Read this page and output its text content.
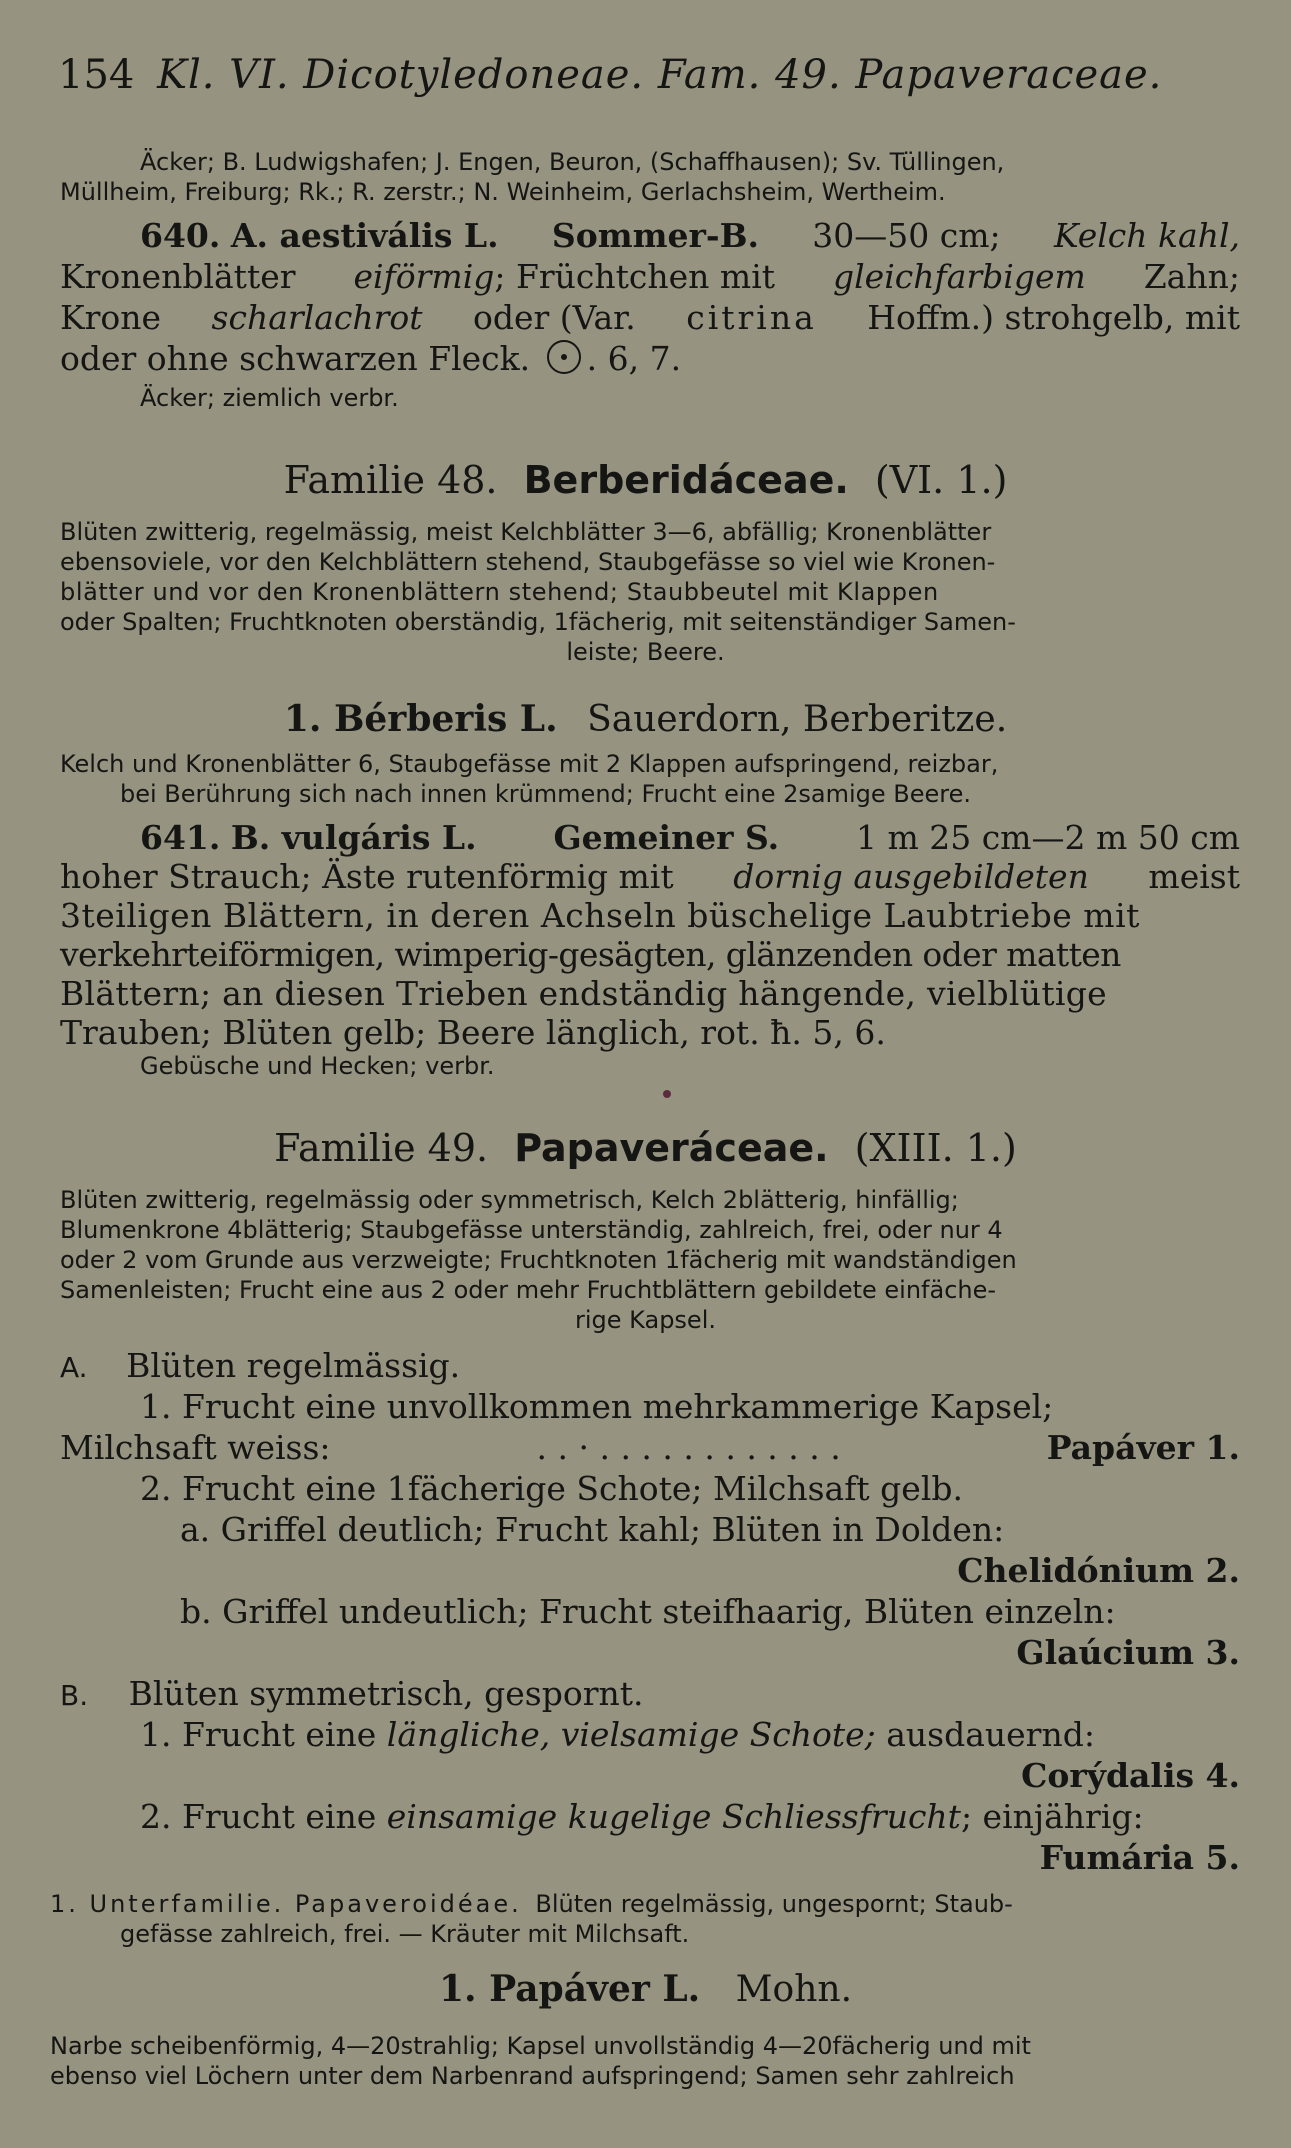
154 Kl. VI. Dicotyledoneae. Fam. 49. Papaveraceae.
Äcker; B. Ludwigshafen; J. Engen, Beuron, (Schaffhausen); Sv. Tüllingen,
Müllheim, Freiburg; Rk.; R. zerstr.; N. Weinheim, Gerlachsheim, Wertheim.
640. A. aestivális L. Sommer-B. 30—50 cm; Kelch kahl,
Kronenblätter eiförmig; Früchtchen mit gleichfarbigem Zahn;
Krone scharlachrot oder (Var. citrina Hoffm.) strohgelb, mit
oder ohne schwarzen Fleck. . 6, 7.
Äcker; ziemlich verbr.
Familie 48. Berberidáceae. (VI. 1.)
Blüten zwitterig, regelmässig, meist Kelchblätter 3—6, abfällig; Kronenblätter
ebensoviele, vor den Kelchblättern stehend, Staubgefässe so viel wie Kronen-
blätter und vor den Kronenblättern stehend; Staubbeutel mit Klappen
oder Spalten; Fruchtknoten oberständig, 1fächerig, mit seitenständiger Samen-
leiste; Beere.
1. Bérberis L. Sauerdorn, Berberitze.
Kelch und Kronenblätter 6, Staubgefässe mit 2 Klappen aufspringend, reizbar,
bei Berührung sich nach innen krümmend; Frucht eine 2samige Beere.
641. B. vulgáris L. Gemeiner S. 1 m 25 cm—2 m 50 cm
hoher Strauch; Äste rutenförmig mit dornig ausgebildeten meist
3teiligen Blättern, in deren Achseln büschelige Laubtriebe mit
verkehrteiförmigen, wimperig-gesägten, glänzenden oder matten
Blättern; an diesen Trieben endständig hängende, vielblütige
Trauben; Blüten gelb; Beere länglich, rot. ħ. 5, 6.
Gebüsche und Hecken; verbr.
Familie 49. Papaveráceae. (XIII. 1.)
Blüten zwitterig, regelmässig oder symmetrisch, Kelch 2blätterig, hinfällig;
Blumenkrone 4blätterig; Staubgefässe unterständig, zahlreich, frei, oder nur 4
oder 2 vom Grunde aus verzweigte; Fruchtknoten 1fächerig mit wandständigen
Samenleisten; Frucht eine aus 2 oder mehr Fruchtblättern gebildete einfäche-
rige Kapsel.
A. Blüten regelmässig.
1. Frucht eine unvollkommen mehrkammerige Kapsel;
Milchsaft weiss:	. . · . . . . . . . . . . . .	Papáver 1.
2. Frucht eine 1fächerige Schote; Milchsaft gelb.
a. Griffel deutlich; Frucht kahl; Blüten in Dolden:
Chelidónium 2.
b. Griffel undeutlich; Frucht steifhaarig, Blüten einzeln:
Glaúcium 3.
B. Blüten symmetrisch, gespornt.
1. Frucht eine längliche, vielsamige Schote; ausdauernd:
Corýdalis 4.
2. Frucht eine einsamige kugelige Schliessfrucht; einjährig:
Fumária 5.
1. Unterfamilie. Papaveroidéae. Blüten regelmässig, ungespornt; Staub-
gefässe zahlreich, frei. — Kräuter mit Milchsaft.
1. Papáver L. Mohn.
Narbe scheibenförmig, 4—20strahlig; Kapsel unvollständig 4—20fächerig und mit
ebenso viel Löchern unter dem Narbenrand aufspringend; Samen sehr zahlreich
